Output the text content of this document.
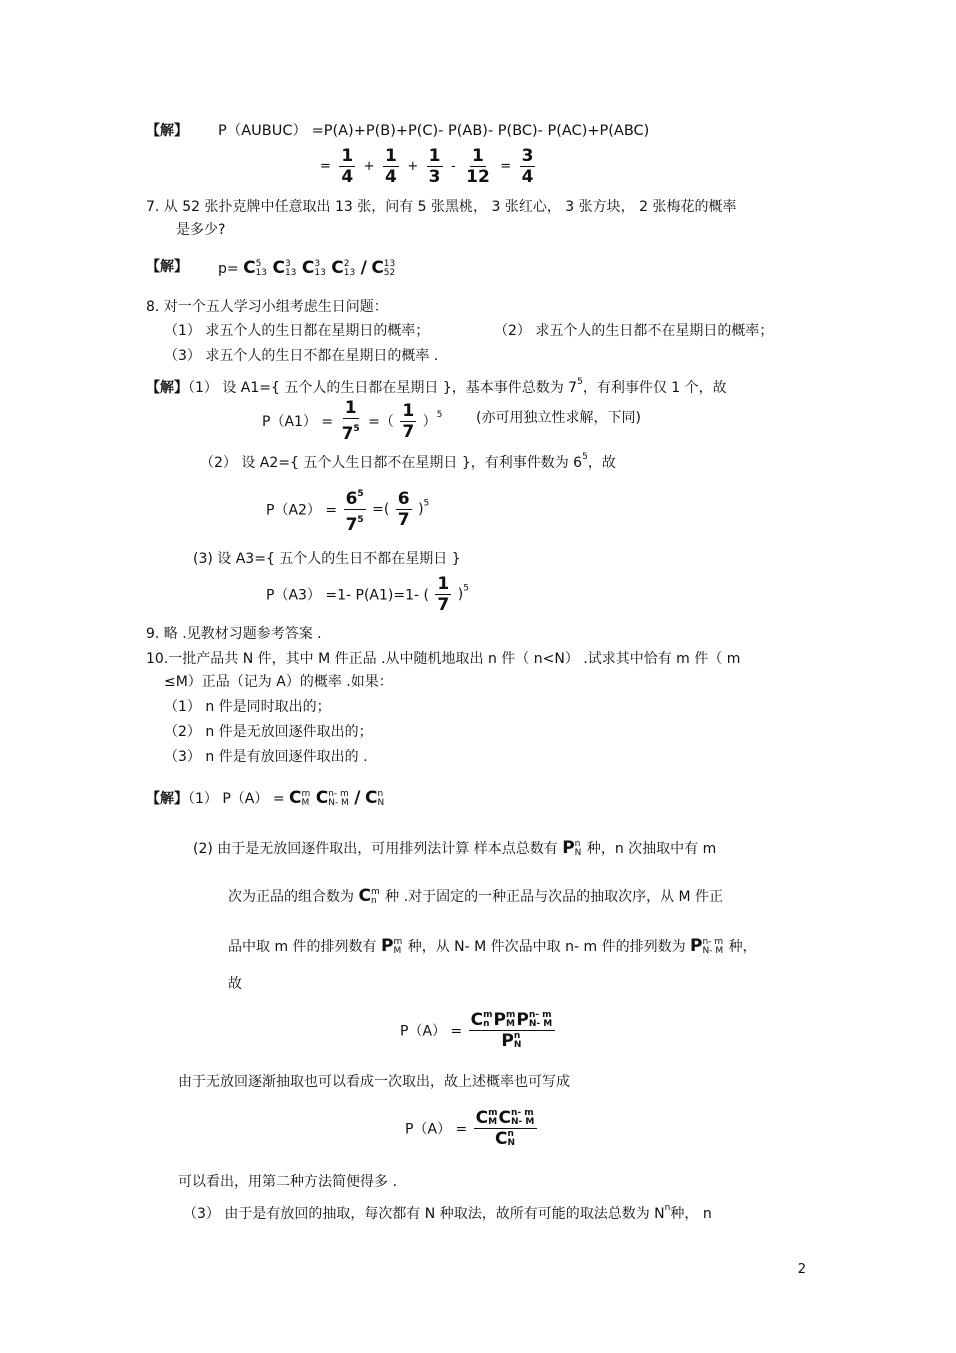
【解】 P（AUBUC） =P(A)+P(B)+P(C)- P(AB)- P(BC)- P(AC)+P(ABC)
= $\frac{1}{4} + \frac{1}{4} + \frac{1}{3} - \frac{1}{12} = \frac{3}{4}$
7. 从 52 张扑克牌中任意取出 13 张，问有 5 张黑桃， 3 张红心， 3 张方块， 2 张梅花的概率
是多少?
【解】 p= C 5
13 C 3
13 C 3
13 C 2
13 / C 13
52
8. 对一个五人学习小组考虑生日问题：
（1） 求五个人的生日都在星期日的概率；	（2） 求五个人的生日都不在星期日的概率；
（3） 求五个人的生日不都在星期日的概率 .
【解】（1） 设 A1={ 五个人的生日都在星期日 }，基本事件总数为 $7^5$，有利事件仅 1 个，故
$P(A1) = \frac{1}{7^5}$ =（ $\frac{1}{7} )^5$ (亦可用独立性求解，下同)
（2） 设 A2={ 五个人生日都不在星期日 }，有利事件数为 $6^5$，故
$P(A2) = \frac{6^5}{7^5}$ =( $\frac{6}{7} )^5$
(3) 设 A3={ 五个人的生日不都在星期日 }
P（A3） =1- P(A1)=1- ( $\frac{1}{7} )^5$
9. 略 .见教材习题参考答案 .
10.一批产品共 N 件，其中 M 件正品 .从中随机地取出 n 件（ n<N） .试求其中恰有 m 件（ m
≤M）正品（记为 A）的概率 .如果：
（1） n 件是同时取出的；
（2） n 件是无放回逐件取出的；
（3） n 件是有放回逐件取出的 .
【解】（1） P（A） = C m
M C n- m
N- M / C n
N
(2) 由于是无放回逐件取出，可用排列法计算 样本点总数有 P n
N 种，n 次抽取中有 m
次为正品的组合数为 C m
n 种 .对于固定的一种正品与次品的抽取次序，从 M 件正
品中取 m 件的排列数有 P m
M 种，从 N- M 件次品中取 n- m 件的排列数为 P n- m
N- M 种，
故
P（A） = C m
n P m
M P n- m
N- M
P n
N
由于无放回逐渐抽取也可以看成一次取出，故上述概率也可写成
P（A） = C m
M C n- m
N- M
C n
N
可以看出，用第二种方法简便得多 .
（3） 由于是有放回的抽取，每次都有 N 种取法，故所有可能的取法总数为 $N^n$种， n
2
